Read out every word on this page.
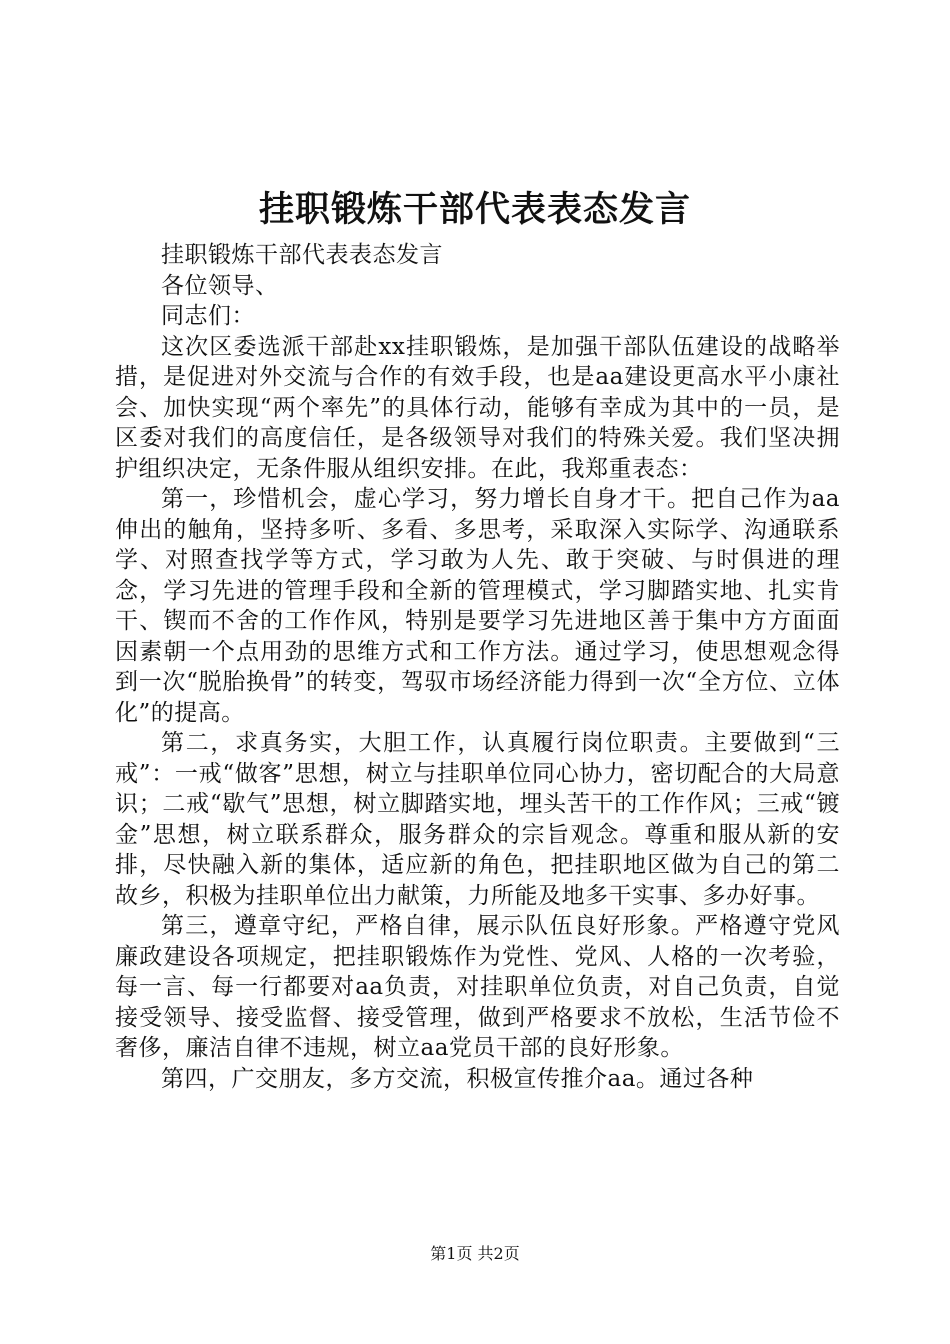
挂职锻炼干部代表表态发言

挂职锻炼干部代表表态发言

各位领导、

同志们：

这次区委选派干部赴xx挂职锻炼，是加强干部队伍建设的战略举措，是促进对外交流与合作的有效手段，也是aa建设更高水平小康社会、加快实现“两个率先”的具体行动，能够有幸成为其中的一员，是区委对我们的高度信任，是各级领导对我们的特殊关爱。我们坚决拥护组织决定，无条件服从组织安排。在此，我郑重表态：

第一，珍惜机会，虚心学习，努力增长自身才干。把自己作为aa伸出的触角，坚持多听、多看、多思考，采取深入实际学、沟通联系学、对照查找学等方式，学习敢为人先、敢于突破、与时俱进的理念，学习先进的管理手段和全新的管理模式，学习脚踏实地、扎实肯干、锲而不舍的工作作风，特别是要学习先进地区善于集中方方面面因素朝一个点用劲的思维方式和工作方法。通过学习，使思想观念得到一次“脱胎换骨”的转变，驾驭市场经济能力得到一次“全方位、立体化”的提高。

第二，求真务实，大胆工作，认真履行岗位职责。主要做到“三戒”：一戒“做客”思想，树立与挂职单位同心协力，密切配合的大局意识；二戒“歇气”思想，树立脚踏实地，埋头苦干的工作作风；三戒“镀金”思想，树立联系群众，服务群众的宗旨观念。尊重和服从新的安排，尽快融入新的集体，适应新的角色，把挂职地区做为自己的第二故乡，积极为挂职单位出力献策，力所能及地多干实事、多办好事。

第三，遵章守纪，严格自律，展示队伍良好形象。严格遵守党风廉政建设各项规定，把挂职锻炼作为党性、党风、人格的一次考验，每一言、每一行都要对aa负责，对挂职单位负责，对自己负责，自觉接受领导、接受监督、接受管理，做到严格要求不放松，生活节俭不奢侈，廉洁自律不违规，树立aa党员干部的良好形象。

第四，广交朋友，多方交流，积极宣传推介aa。通过各种

第1页 共2页
